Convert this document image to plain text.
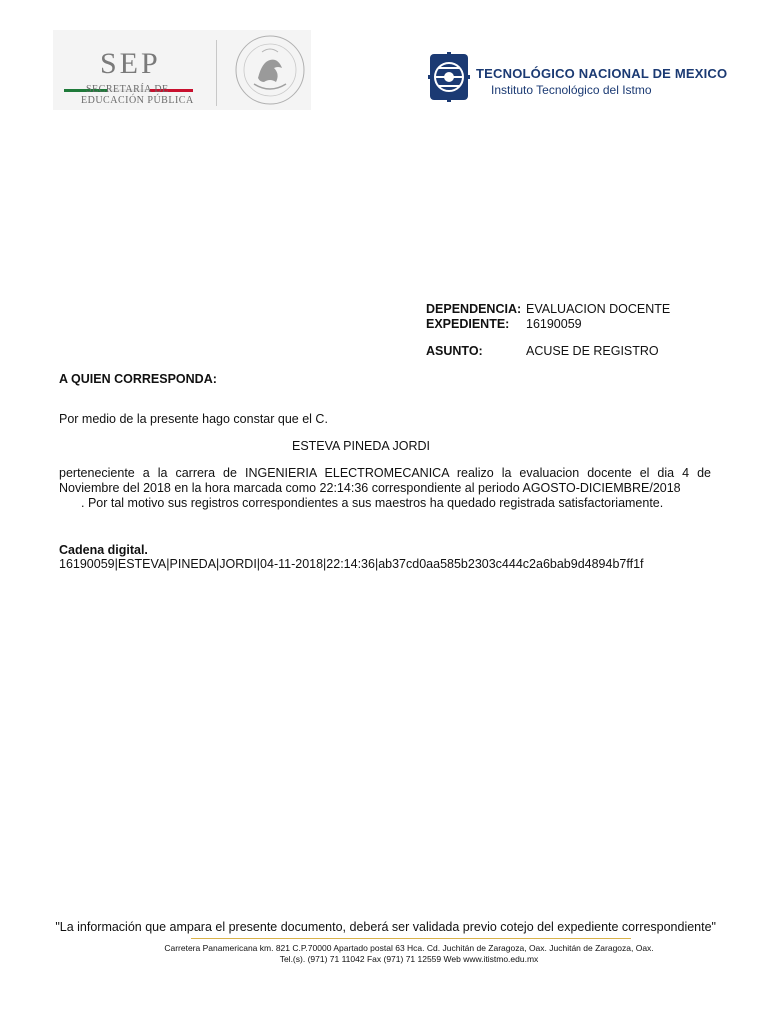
SEP
SECRETARÍA DE
EDUCACIÓN PÚBLICA
TECNOLÓGICO NACIONAL DE MEXICO
Instituto Tecnológico del Istmo
DEPENDENCIA: EVALUACION DOCENTE
EXPEDIENTE: 16190059
ASUNTO:	ACUSE DE REGISTRO
A QUIEN CORRESPONDA:
Por medio de la presente hago constar que el C.
ESTEVA PINEDA JORDI
perteneciente a la carrera de INGENIERIA ELECTROMECANICA realizo la evaluacion docente el dia 4 de Noviembre del 2018 en la hora marcada como 22:14:36 correspondiente al periodo AGOSTO-DICIEMBRE/2018
. Por tal motivo sus registros correspondientes a sus maestros ha quedado registrada satisfactoriamente.
Cadena digital.
16190059|ESTEVA|PINEDA|JORDI|04-11-2018|22:14:36|ab37cd0aa585b2303c444c2a6bab9d4894b7ff1f
"La información que ampara el presente documento, deberá ser validada previo cotejo del expediente correspondiente"
Carretera Panamericana km. 821 C.P.70000 Apartado postal 63 Hca. Cd. Juchitán de Zaragoza, Oax. Juchitán de Zaragoza, Oax.
Tel.(s). (971) 71 11042 Fax (971) 71 12559 Web www.itistmo.edu.mx
